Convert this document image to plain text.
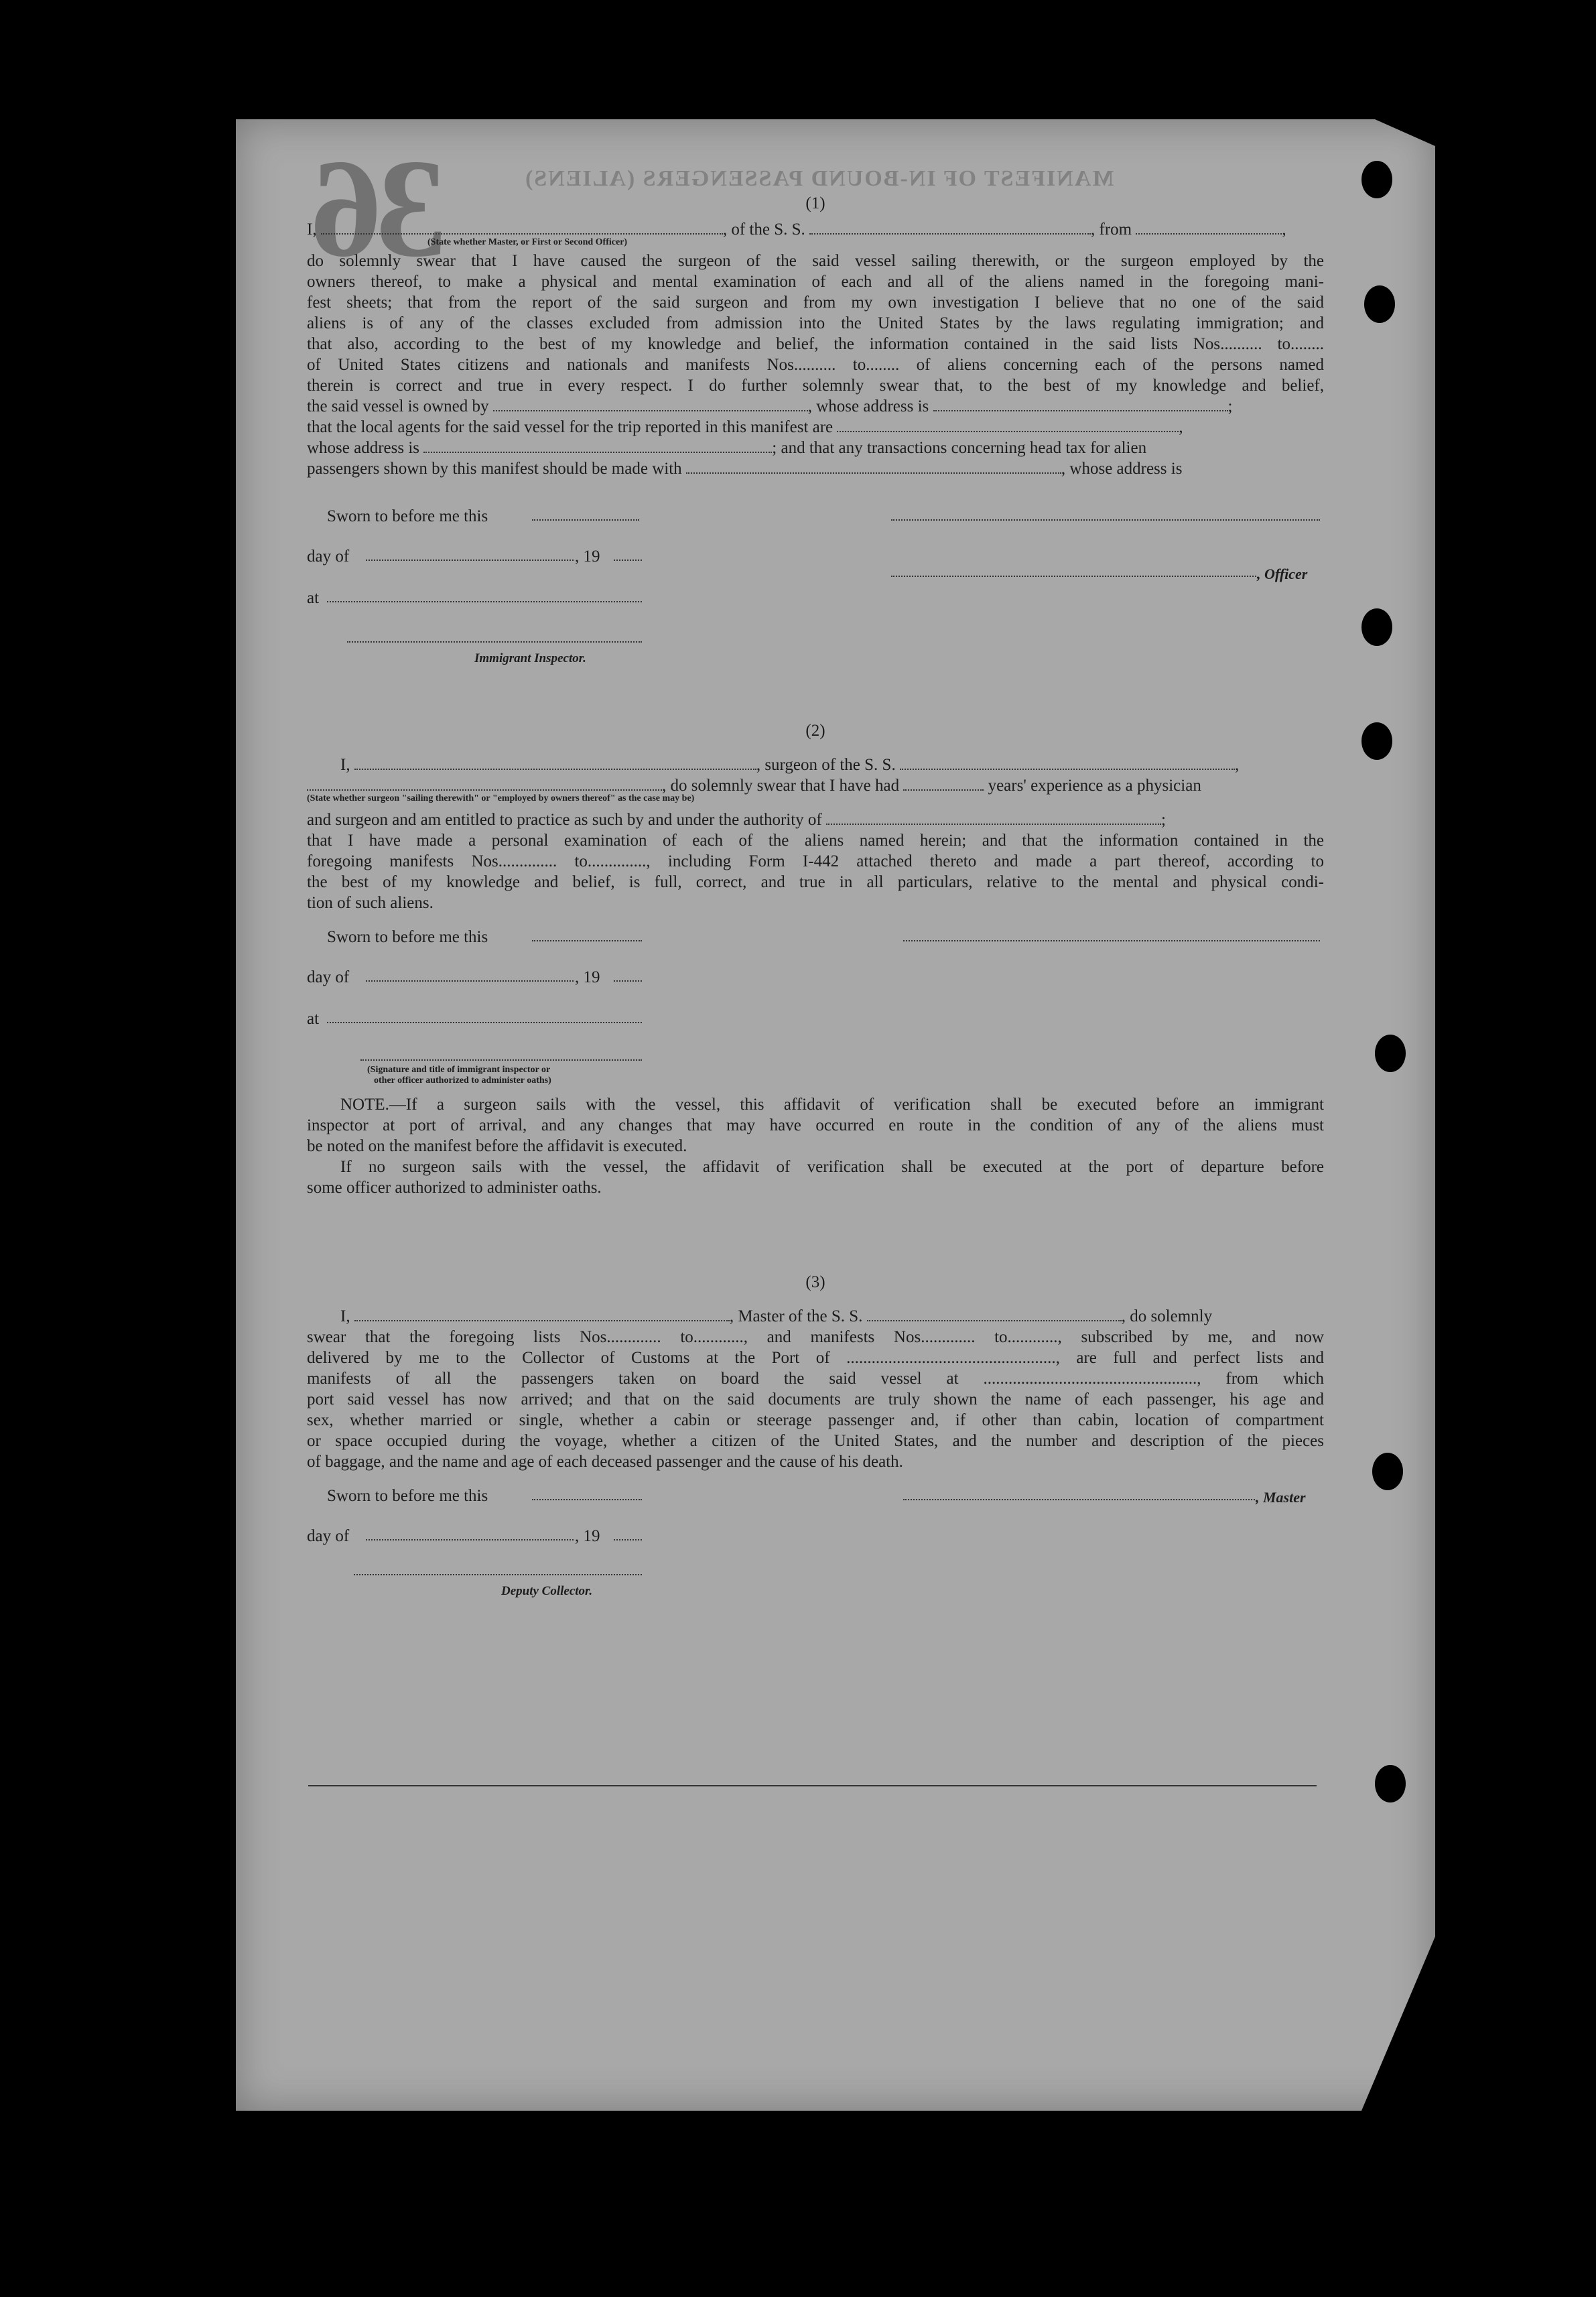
36	MANIFEST OF IN-BOUND PASSENGERS (ALIENS)

(1)

I,	, of the S. S.	, from	,

(State whether Master, or First or Second Officer)

do solemnly swear that I have caused the surgeon of the said vessel sailing therewith, or the surgeon employed by the

owners thereof, to make a physical and mental examination of each and all of the aliens named in the foregoing mani-

fest sheets; that from the report of the said surgeon and from my own investigation I believe that no one of the said

aliens is of any of the classes excluded from admission into the United States by the laws regulating immigration; and

that also, according to the best of my knowledge and belief, the information contained in the said lists Nos.......... to........

of United States citizens and nationals and manifests Nos.......... to........ of aliens concerning each of the persons named

therein is correct and true in every respect. I do further solemnly swear that, to the best of my knowledge and belief,

the said vessel is owned by	, whose address is	;

that the local agents for the said vessel for the trip reported in this manifest are	,

whose address is	; and that any transactions concerning head tax for alien

passengers shown by this manifest should be made with	, whose address is

Sworn to before me this
day of	, 19
, Officer
at
Immigrant Inspector.

(2)

I,	, surgeon of the S. S.	,

, do solemnly swear that I have had	years' experience as a physician

(State whether surgeon "sailing therewith" or "employed by owners thereof" as the case may be)

and surgeon and am entitled to practice as such by and under the authority of	;

that I have made a personal examination of each of the aliens named herein; and that the information contained in the

foregoing manifests Nos.............. to.............., including Form I-442 attached thereto and made a part thereof, according to

the best of my knowledge and belief, is full, correct, and true in all particulars, relative to the mental and physical condi-

tion of such aliens.

Sworn to before me this
day of	, 19
at
(Signature and title of immigrant inspector or
other officer authorized to administer oaths)

NOTE.—If a surgeon sails with the vessel, this affidavit of verification shall be executed before an immigrant

inspector at port of arrival, and any changes that may have occurred en route in the condition of any of the aliens must

be noted on the manifest before the affidavit is executed.

If no surgeon sails with the vessel, the affidavit of verification shall be executed at the port of departure before

some officer authorized to administer oaths.

(3)

I,	, Master of the S. S.	, do solemnly

swear that the foregoing lists Nos............. to............, and manifests Nos............. to............, subscribed by me, and now

delivered by me to the Collector of Customs at the Port of .................................................., are full and perfect lists and

manifests of all the passengers taken on board the said vessel at ..................................................., from which

port said vessel has now arrived; and that on the said documents are truly shown the name of each passenger, his age and

sex, whether married or single, whether a cabin or steerage passenger and, if other than cabin, location of compartment

or space occupied during the voyage, whether a citizen of the United States, and the number and description of the pieces

of baggage, and the name and age of each deceased passenger and the cause of his death.

Sworn to before me this	, Master
day of	, 19
Deputy Collector.
